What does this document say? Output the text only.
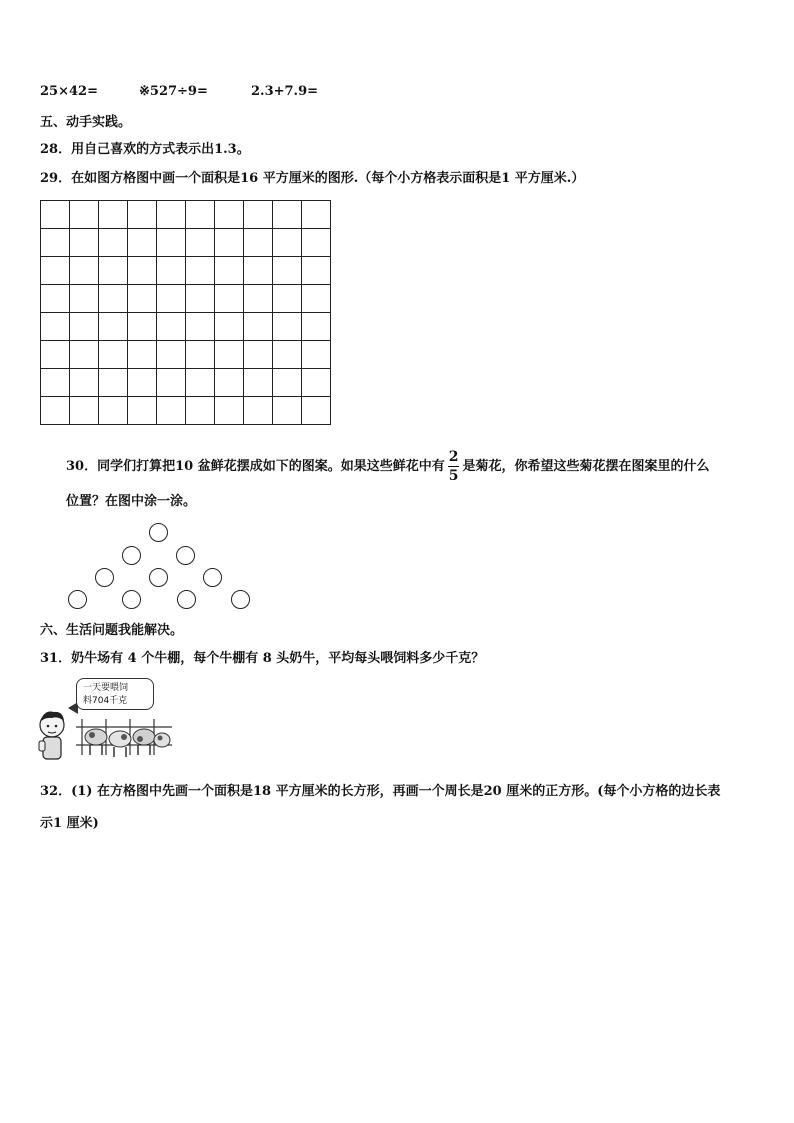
25×42=	※527÷9=	2.3+7.9=
五、动手实践。
28．用自己喜欢的方式表示出1.3。
29．在如图方格图中画一个面积是16 平方厘米的图形.（每个小方格表示面积是1 平方厘米.）

30．同学们打算把10 盆鲜花摆成如下的图案。如果这些鲜花中有 $\frac{2}{5}$ 是菊花，你希望这些菊花摆在图案里的什么
位置？在图中涂一涂。
六、生活问题我能解决。
31．奶牛场有 4 个牛棚，每个牛棚有 8 头奶牛，平均每头喂饲料多少千克？
一天要喂饲
料704千克
32．(1) 在方格图中先画一个面积是18 平方厘米的长方形，再画一个周长是20 厘米的正方形。(每个小方格的边长表
示1 厘米)
